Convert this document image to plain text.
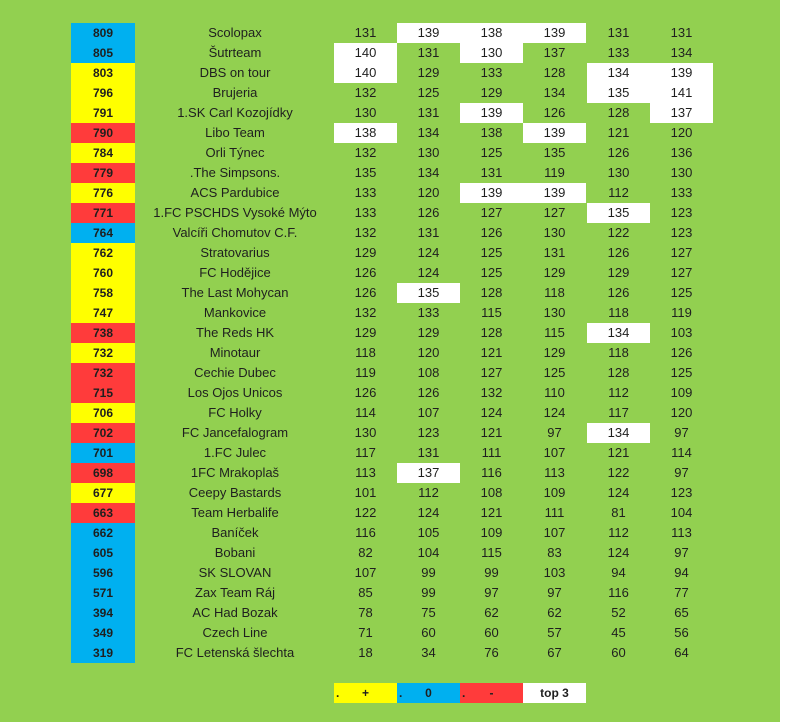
809	Scolopax	131	139	138	139	131	131
805	Šutrteam	140	131	130	137	133	134
803	DBS on tour	140	129	133	128	134	139
796	Brujeria	132	125	129	134	135	141
791	1.SK Carl Kozojídky	130	131	139	126	128	137
790	Libo Team	138	134	138	139	121	120
784	Orli Týnec	132	130	125	135	126	136
779	.The Simpsons.	135	134	131	119	130	130
776	ACS Pardubice	133	120	139	139	112	133
771	1.FC PSCHDS Vysoké Mýto	133	126	127	127	135	123
764	Valcíři Chomutov C.F.	132	131	126	130	122	123
762	Stratovarius	129	124	125	131	126	127
760	FC Hodějice	126	124	125	129	129	127
758	The Last Mohycan	126	135	128	118	126	125
747	Mankovice	132	133	115	130	118	119
738	The Reds HK	129	129	128	115	134	103
732	Minotaur	118	120	121	129	118	126
732	Cechie Dubec	119	108	127	125	128	125
715	Los Ojos Unicos	126	126	132	110	112	109
706	FC Holky	114	107	124	124	117	120
702	FC Jancefalogram	130	123	121	97	134	97
701	1.FC Julec	117	131	111	107	121	114
698	1FC Mrakoplaš	113	137	116	113	122	97
677	Ceepy Bastards	101	112	108	109	124	123
663	Team Herbalife	122	124	121	111	81	104
662	Baníček	116	105	109	107	112	113
605	Bobani	82	104	115	83	124	97
596	SK SLOVAN	107	99	99	103	94	94
571	Zax Team Ráj	85	99	97	97	116	77
394	AC Had Bozak	78	75	62	62	52	65
349	Czech Line	71	60	60	57	45	56
319	FC Letenská šlechta	18	34	76	67	60	64
.	+	.	0	.	-	top 3
